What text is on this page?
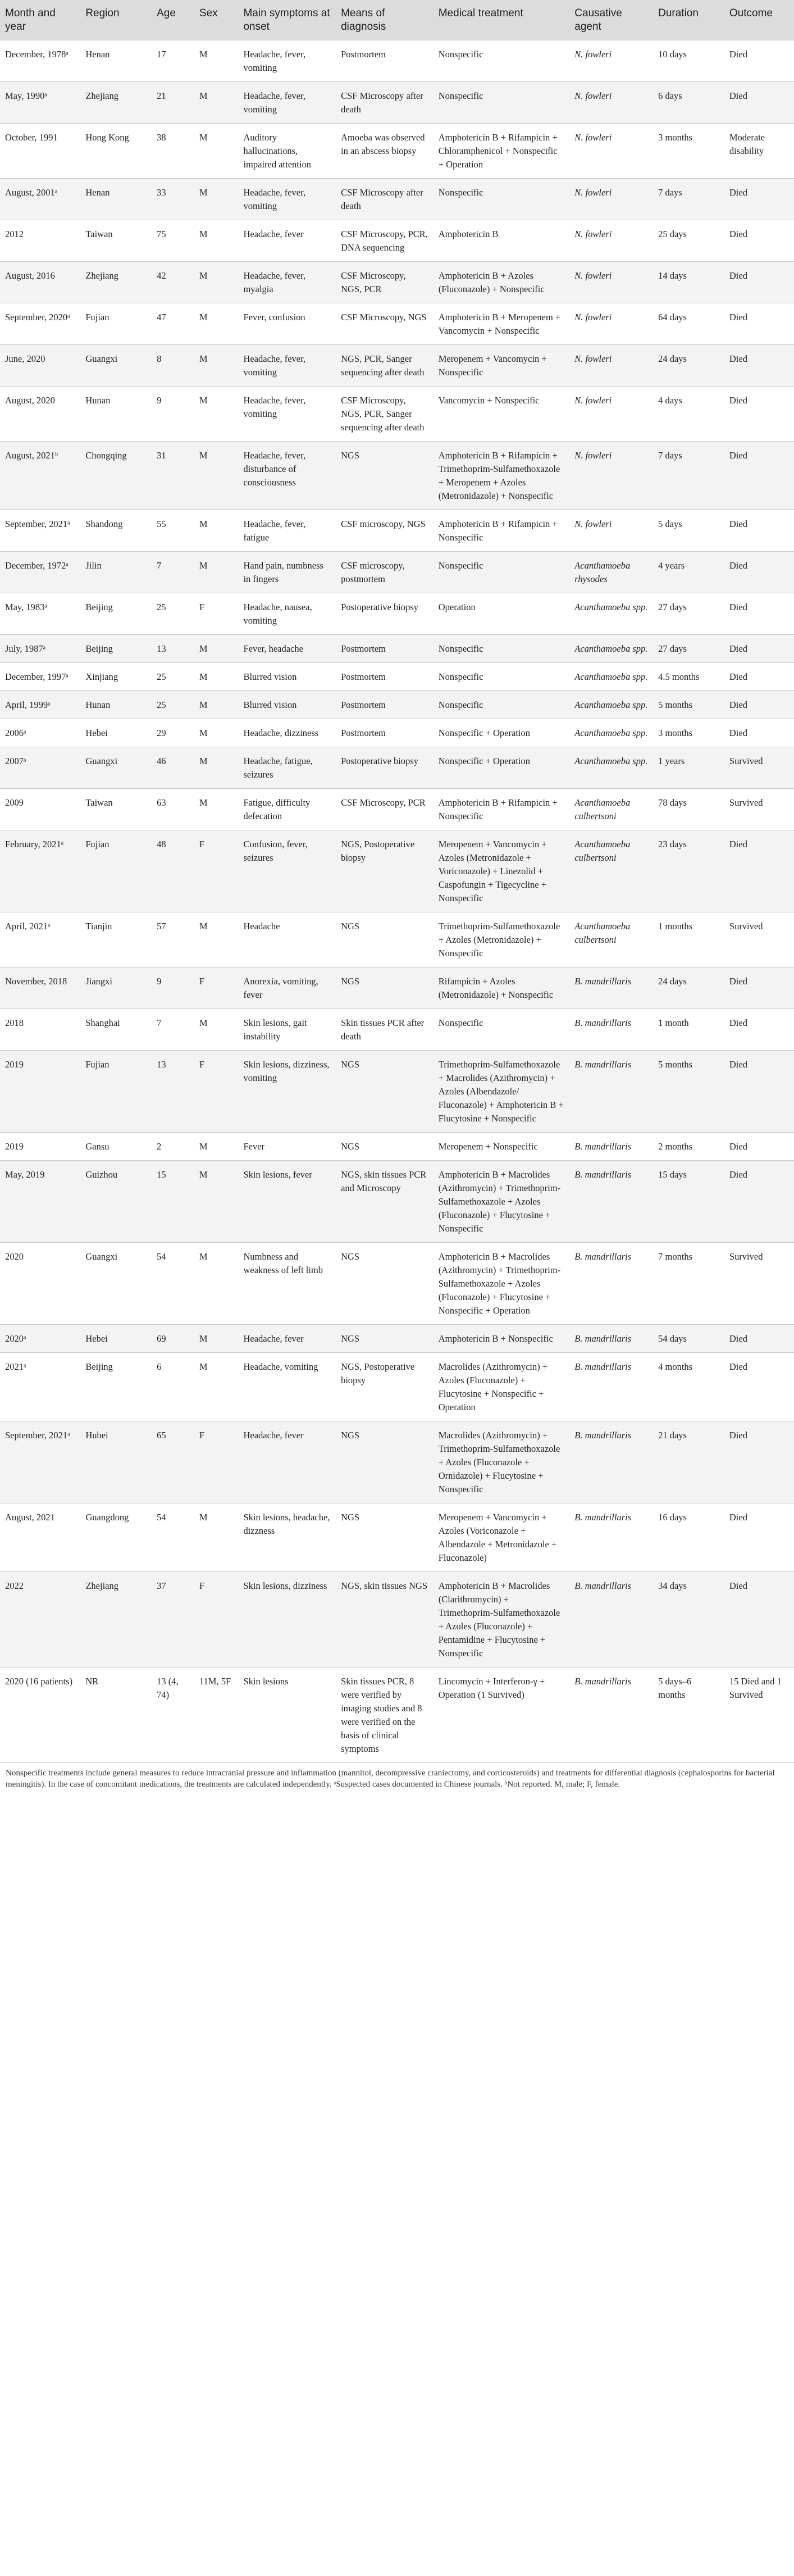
Month and year	Region	Age	Sex	Main symptoms at onset	Means of diagnosis	Medical treatment	Causative agent	Duration	Outcome
December, 1978ᵃ	Henan	17	M	Headache, fever, vomiting	Postmortem	Nonspecific	N. fowleri	10 days	Died
May, 1990ᵃ	Zhejiang	21	M	Headache, fever, vomiting	CSF Microscopy after death	Nonspecific	N. fowleri	6 days	Died
October, 1991	Hong Kong	38	M	Auditory hallucinations, impaired attention	Amoeba was observed in an abscess biopsy	Amphotericin B + Rifampicin + Chloramphenicol + Nonspecific + Operation	N. fowleri	3 months	Moderate disability
August, 2001ᵃ	Henan	33	M	Headache, fever, vomiting	CSF Microscopy after death	Nonspecific	N. fowleri	7 days	Died
2012	Taiwan	75	M	Headache, fever	CSF Microscopy, PCR, DNA sequencing	Amphotericin B	N. fowleri	25 days	Died
August, 2016	Zhejiang	42	M	Headache, fever, myalgia	CSF Microscopy, NGS, PCR	Amphotericin B + Azoles (Fluconazole) + Nonspecific	N. fowleri	14 days	Died
September, 2020ᵃ	Fujian	47	M	Fever, confusion	CSF Microscopy, NGS	Amphotericin B + Meropenem + Vancomycin + Nonspecific	N. fowleri	64 days	Died
June, 2020	Guangxi	8	M	Headache, fever, vomiting	NGS, PCR, Sanger sequencing after death	Meropenem + Vancomycin + Nonspecific	N. fowleri	24 days	Died
August, 2020	Hunan	9	M	Headache, fever, vomiting	CSF Microscopy, NGS, PCR, Sanger sequencing after death	Vancomycin + Nonspecific	N. fowleri	4 days	Died
August, 2021ᵇ	Chongqing	31	M	Headache, fever, disturbance of consciousness	NGS	Amphotericin B + Rifampicin + Trimethoprim-Sulfamethoxazole + Meropenem + Azoles (Metronidazole) + Nonspecific	N. fowleri	7 days	Died
September, 2021ᵃ	Shandong	55	M	Headache, fever, fatigue	CSF microscopy, NGS	Amphotericin B + Rifampicin + Nonspecific	N. fowleri	5 days	Died
December, 1972ᵃ	Jilin	7	M	Hand pain, numbness in fingers	CSF microscopy, postmortem	Nonspecific	Acanthamoeba rhysodes	4 years	Died
May, 1983ᵃ	Beijing	25	F	Headache, nausea, vomiting	Postoperative biopsy	Operation	Acanthamoeba spp.	27 days	Died
July, 1987ᵃ	Beijing	13	M	Fever, headache	Postmortem	Nonspecific	Acanthamoeba spp.	27 days	Died
December, 1997ᵃ	Xinjiang	25	M	Blurred vision	Postmortem	Nonspecific	Acanthamoeba spp.	4.5 months	Died
April, 1999ᵃ	Hunan	25	M	Blurred vision	Postmortem	Nonspecific	Acanthamoeba spp.	5 months	Died
2006ᵃ	Hebei	29	M	Headache, dizziness	Postmortem	Nonspecific + Operation	Acanthamoeba spp.	3 months	Died
2007ᵃ	Guangxi	46	M	Headache, fatigue, seizures	Postoperative biopsy	Nonspecific + Operation	Acanthamoeba spp.	1 years	Survived
2009	Taiwan	63	M	Fatigue, difficulty defecation	CSF Microscopy, PCR	Amphotericin B + Rifampicin + Nonspecific	Acanthamoeba culbertsoni	78 days	Survived
February, 2021ᵃ	Fujian	48	F	Confusion, fever, seizures	NGS, Postoperative biopsy	Meropenem + Vancomycin + Azoles (Metronidazole + Voriconazole) + Linezolid + Caspofungin + Tigecycline + Nonspecific	Acanthamoeba culbertsoni	23 days	Died
April, 2021ᵃ	Tianjin	57	M	Headache	NGS	Trimethoprim-Sulfamethoxazole + Azoles (Metronidazole) + Nonspecific	Acanthamoeba culbertsoni	1 months	Survived
November, 2018	Jiangxi	9	F	Anorexia, vomiting, fever	NGS	Rifampicin + Azoles (Metronidazole) + Nonspecific	B. mandrillaris	24 days	Died
2018	Shanghai	7	M	Skin lesions, gait instability	Skin tissues PCR after death	Nonspecific	B. mandrillaris	1 month	Died
2019	Fujian	13	F	Skin lesions, dizziness, vomiting	NGS	Trimethoprim-Sulfamethoxazole + Macrolides (Azithromycin) + Azoles (Albendazole/ Fluconazole) + Amphotericin B + Flucytosine + Nonspecific	B. mandrillaris	5 months	Died
2019	Gansu	2	M	Fever	NGS	Meropenem + Nonspecific	B. mandrillaris	2 months	Died
May, 2019	Guizhou	15	M	Skin lesions, fever	NGS, skin tissues PCR and Microscopy	Amphotericin B + Macrolides (Azithromycin) + Trimethoprim-Sulfamethoxazole + Azoles (Fluconazole) + Flucytosine + Nonspecific	B. mandrillaris	15 days	Died
2020	Guangxi	54	M	Numbness and weakness of left limb	NGS	Amphotericin B + Macrolides (Azithromycin) + Trimethoprim-Sulfamethoxazole + Azoles (Fluconazole) + Flucytosine + Nonspecific + Operation	B. mandrillaris	7 months	Survived
2020ᵃ	Hebei	69	M	Headache, fever	NGS	Amphotericin B + Nonspecific	B. mandrillaris	54 days	Died
2021ᵃ	Beijing	6	M	Headache, vomiting	NGS, Postoperative biopsy	Macrolides (Azithromycin) + Azoles (Fluconazole) + Flucytosine + Nonspecific + Operation	B. mandrillaris	4 months	Died
September, 2021ᵃ	Hubei	65	F	Headache, fever	NGS	Macrolides (Azithromycin) + Trimethoprim-Sulfamethoxazole + Azoles (Fluconazole + Ornidazole) + Flucytosine + Nonspecific	B. mandrillaris	21 days	Died
August, 2021	Guangdong	54	M	Skin lesions, headache, dizzness	NGS	Meropenem + Vancomycin + Azoles (Voriconazole + Albendazole + Metronidazole + Fluconazole)	B. mandrillaris	16 days	Died
2022	Zhejiang	37	F	Skin lesions, dizziness	NGS, skin tissues NGS	Amphotericin B + Macrolides (Clarithromycin) + Trimethoprim-Sulfamethoxazole + Azoles (Fluconazole) + Pentamidine + Flucytosine + Nonspecific	B. mandrillaris	34 days	Died
2020 (16 patients)	NR	13 (4, 74)	11M, 5F	Skin lesions	Skin tissues PCR, 8 were verified by imaging studies and 8 were verified on the basis of clinical symptoms	Lincomycin + Interferon-γ + Operation (1 Survived)	B. mandrillaris	5 days–6 months	15 Died and 1 Survived
Nonspecific treatments include general measures to reduce intracranial pressure and inflammation (mannitol, decompressive craniectomy, and corticosteroids) and treatments for differential diagnosis (cephalosporins for bacterial meningitis). In the case of concomitant medications, the treatments are calculated independently. ᵃSuspected cases documented in Chinese journals. ᵇNot reported. M, male; F, female.
